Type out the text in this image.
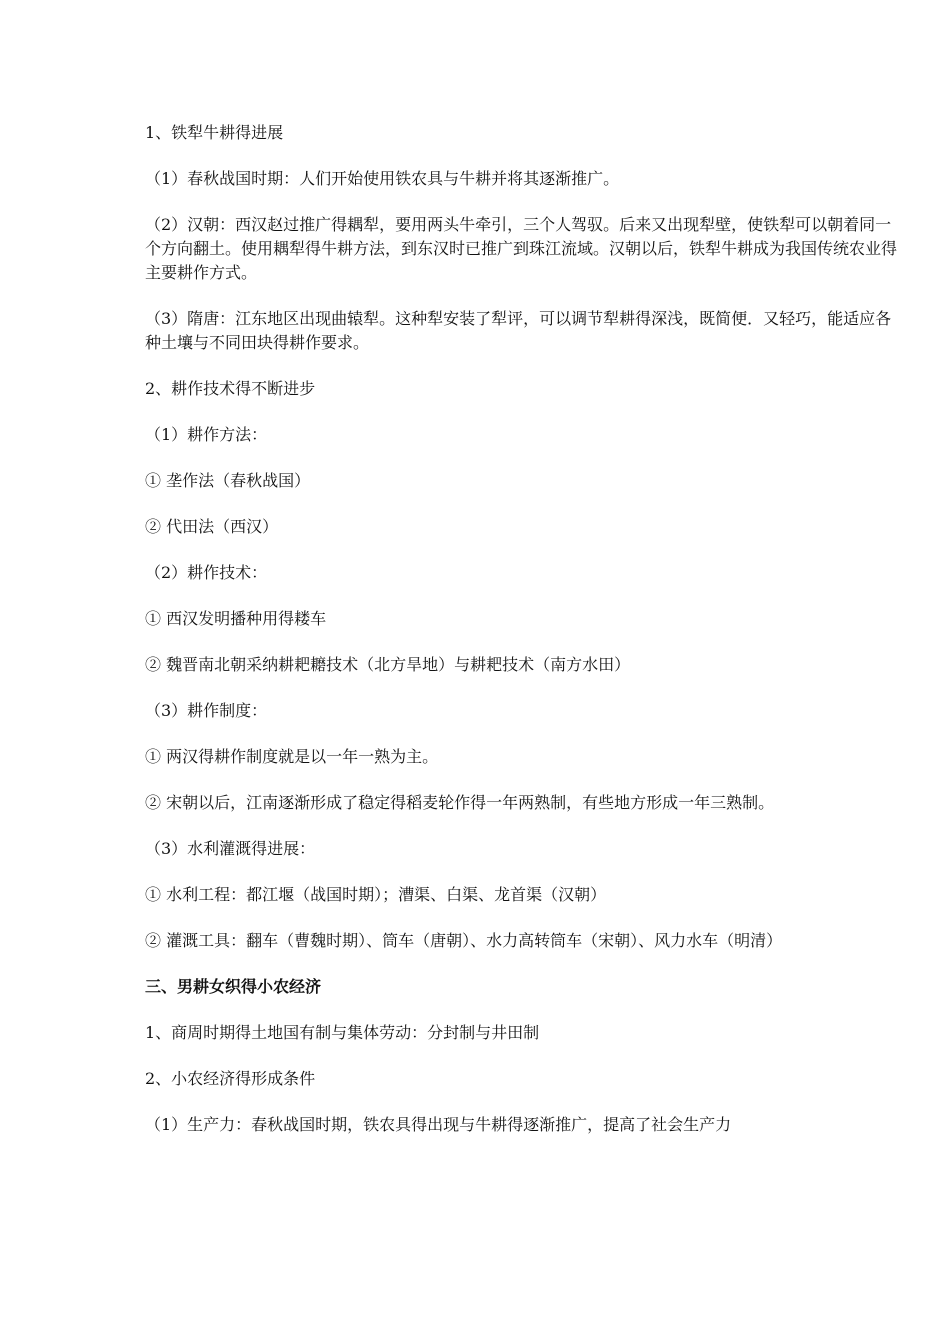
1、铁犁牛耕得进展

（1）春秋战国时期：人们开始使用铁农具与牛耕并将其逐渐推广。

（2）汉朝：西汉赵过推广得耦犁，要用两头牛牵引，三个人驾驭。后来又出现犁壁，使铁犁可以朝着同一个方向翻土。使用耦犁得牛耕方法，到东汉时已推广到珠江流域。汉朝以后，铁犁牛耕成为我国传统农业得主要耕作方式。

（3）隋唐：江东地区出现曲辕犁。这种犁安装了犁评，可以调节犁耕得深浅，既简便．又轻巧，能适应各种土壤与不同田块得耕作要求。

2、耕作技术得不断进步

（1）耕作方法：

① 垄作法（春秋战国）

② 代田法（西汉）

（2）耕作技术：

① 西汉发明播种用得耧车

② 魏晋南北朝采纳耕耙耱技术（北方旱地）与耕耙技术（南方水田）

（3）耕作制度：

① 两汉得耕作制度就是以一年一熟为主。

② 宋朝以后，江南逐渐形成了稳定得稻麦轮作得一年两熟制，有些地方形成一年三熟制。

（3）水利灌溉得进展：

① 水利工程：都江堰（战国时期）；漕渠、白渠、龙首渠（汉朝）

② 灌溉工具：翻车（曹魏时期）、筒车（唐朝）、水力高转筒车（宋朝）、风力水车（明清）

三、男耕女织得小农经济

1、商周时期得土地国有制与集体劳动：分封制与井田制

2、小农经济得形成条件

（1）生产力：春秋战国时期，铁农具得出现与牛耕得逐渐推广，提高了社会生产力
